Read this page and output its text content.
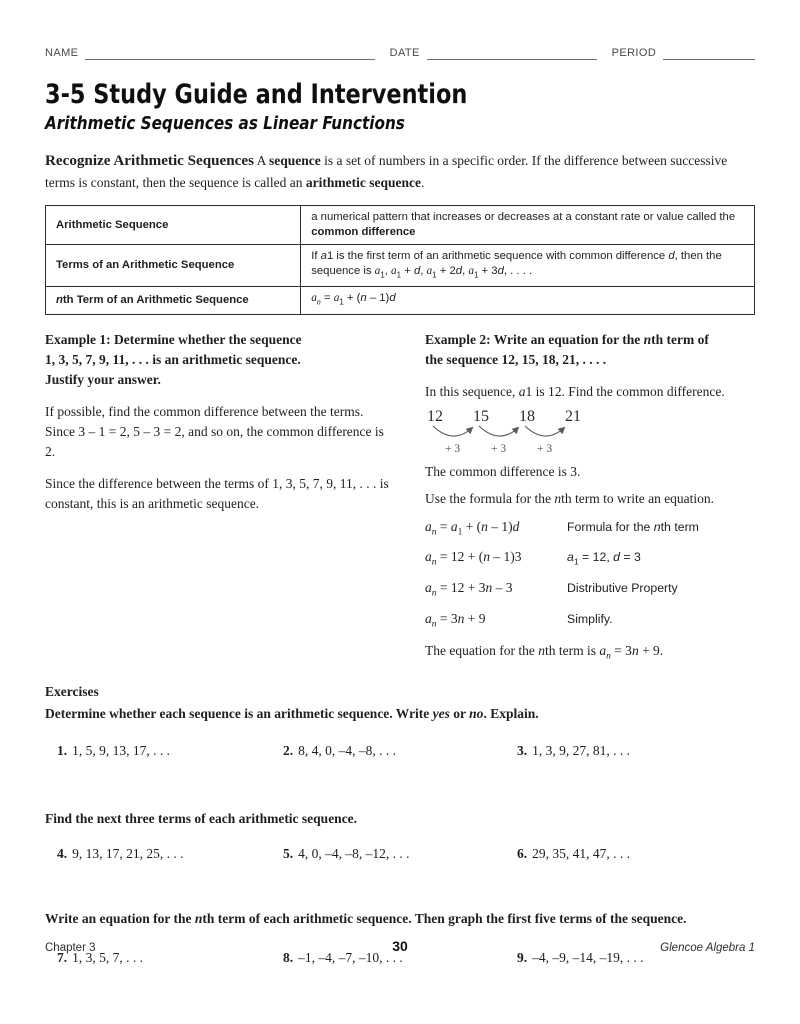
NAME	DATE	PERIOD
3-5 Study Guide and Intervention
Arithmetic Sequences as Linear Functions

Recognize Arithmetic Sequences A sequence is a set of numbers in a specific order. If the difference between successive terms is constant, then the sequence is called an arithmetic sequence.

Arithmetic Sequence	a numerical pattern that increases or decreases at a constant rate or value called the common difference
Terms of an Arithmetic Sequence	If a1 is the first term of an arithmetic sequence with common difference d, then the sequence is $a_1$, $a_1 + d$, $a_1 + 2d$, $a_1 + 3d$, . . . .
nth Term of an Arithmetic Sequence	$a_n = a_1 + (n - 1)d$

Example 1: Determine whether the sequence
1, 3, 5, 7, 9, 11, . . . is an arithmetic sequence.
Justify your answer.

If possible, find the common difference between the terms. Since 3 – 1 = 2, 5 – 3 = 2, and so on, the common difference is 2.

Since the difference between the terms of 1, 3, 5, 7, 9, 11, . . . is constant, this is an arithmetic sequence.

Example 2: Write an equation for the nth term of
the sequence 12, 15, 18, 21, . . . .

In this sequence, a1 is 12. Find the common difference.

12 15 18 21
+ 3	+ 3	+ 3

The common difference is 3.

Use the formula for the nth term to write an equation.

$a_n = a_1 + (n - 1)d$	Formula for the nth term
$a_n = 12 + (n - 1)3$	$a_1 = 12$, d = 3
$a_n = 12 + 3n - 3$	Distributive Property
$a_n = 3n + 9$	Simplify.

The equation for the nth term is $a_n = 3n + 9$.

Exercises

Determine whether each sequence is an arithmetic sequence. Write yes or no. Explain.

1. 1, 5, 9, 13, 17, . . .	2. 8, 4, 0, –4, –8, . . .	3. 1, 3, 9, 27, 81, . . .

Find the next three terms of each arithmetic sequence.

4. 9, 13, 17, 21, 25, . . .	5. 4, 0, –4, –8, –12, . . .	6. 29, 35, 41, 47, . . .

Write an equation for the nth term of each arithmetic sequence. Then graph the first five terms of the sequence.

7. 1, 3, 5, 7, . . .	8. –1, –4, –7, –10, . . .	9. –4, –9, –14, –19, . . .
Chapter 3	30	Glencoe Algebra 1
